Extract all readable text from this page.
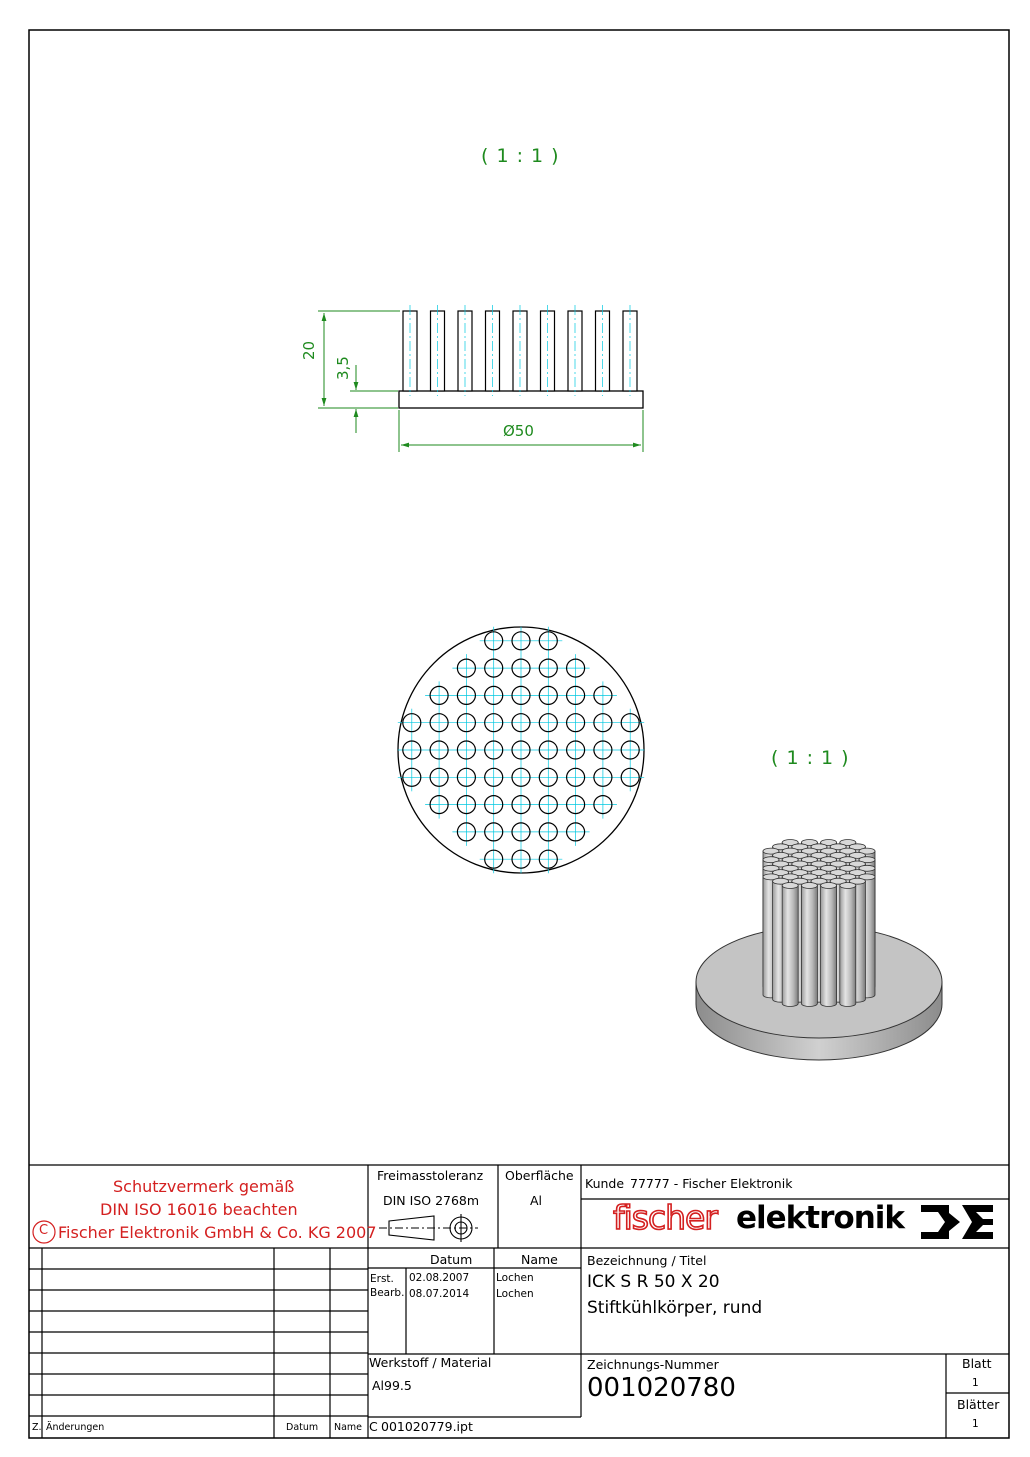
( 1 : 1 )
( 1 : 1 )
20
3,5
Ø50
Schutzvermerk gemäß
DIN ISO 16016 beachten
C Fischer Elektronik GmbH & Co. KG 2007
Freimasstoleranz
DIN ISO 2768m
Oberfläche
Al
Kunde 77777 - Fischer Elektronik
fischer elektronik
Datum	Name
Erst. 02.08.2007	Lochen
Bearb. 08.07.2014	Lochen
Bezeichnung / Titel
ICK S R 50 X 20
Stiftkühlkörper, rund
Werkstoff / Material
Al99.5
Zeichnungs-Nummer
001020780
C 001020779.ipt
Blatt
1
Blätter
1
Z. Änderungen	Datum Name
